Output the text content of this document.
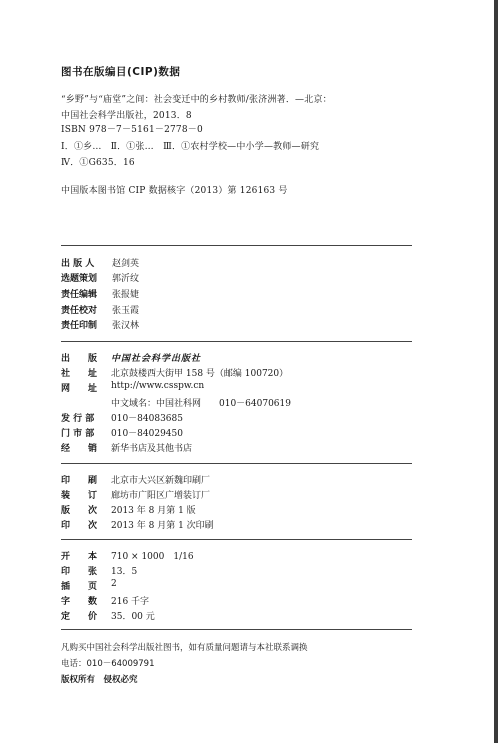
图书在版编目(CIP)数据
“乡野”与“庙堂”之间：社会变迁中的乡村教师/张济洲著．—北京：
中国社会科学出版社，2013．8
ISBN 978－7－5161－2778－0
Ⅰ．①乡…　Ⅱ．①张…　Ⅲ．①农村学校—中小学—教师—研究
Ⅳ．①G635．16
中国版本图书馆 CIP 数据核字（2013）第 126163 号
出 版 人 赵剑英
选题策划 郭沂纹
责任编辑 张报婕
责任校对 张玉霞
责任印制 张汉林
出　　版 中国社会科学出版社
社　　址 北京鼓楼西大街甲 158 号（邮编 100720）
网　　址 http://www.csspw.cn
中文域名：中国社科网　　010－64070619
发 行 部 010－84083685
门 市 部 010－84029450
经　　销 新华书店及其他书店
印　　刷 北京市大兴区新魏印刷厂
装　　订 廊坊市广阳区广增装订厂
版　　次 2013 年 8 月第 1 版
印　　次 2013 年 8 月第 1 次印刷
开　　本 710 × 1000　1/16
印　　张 13．5
插　　页 2
字　　数 216 千字
定　　价 35．00 元
凡购买中国社会科学出版社图书，如有质量问题请与本社联系调换
电话：010－64009791
版权所有　侵权必究
